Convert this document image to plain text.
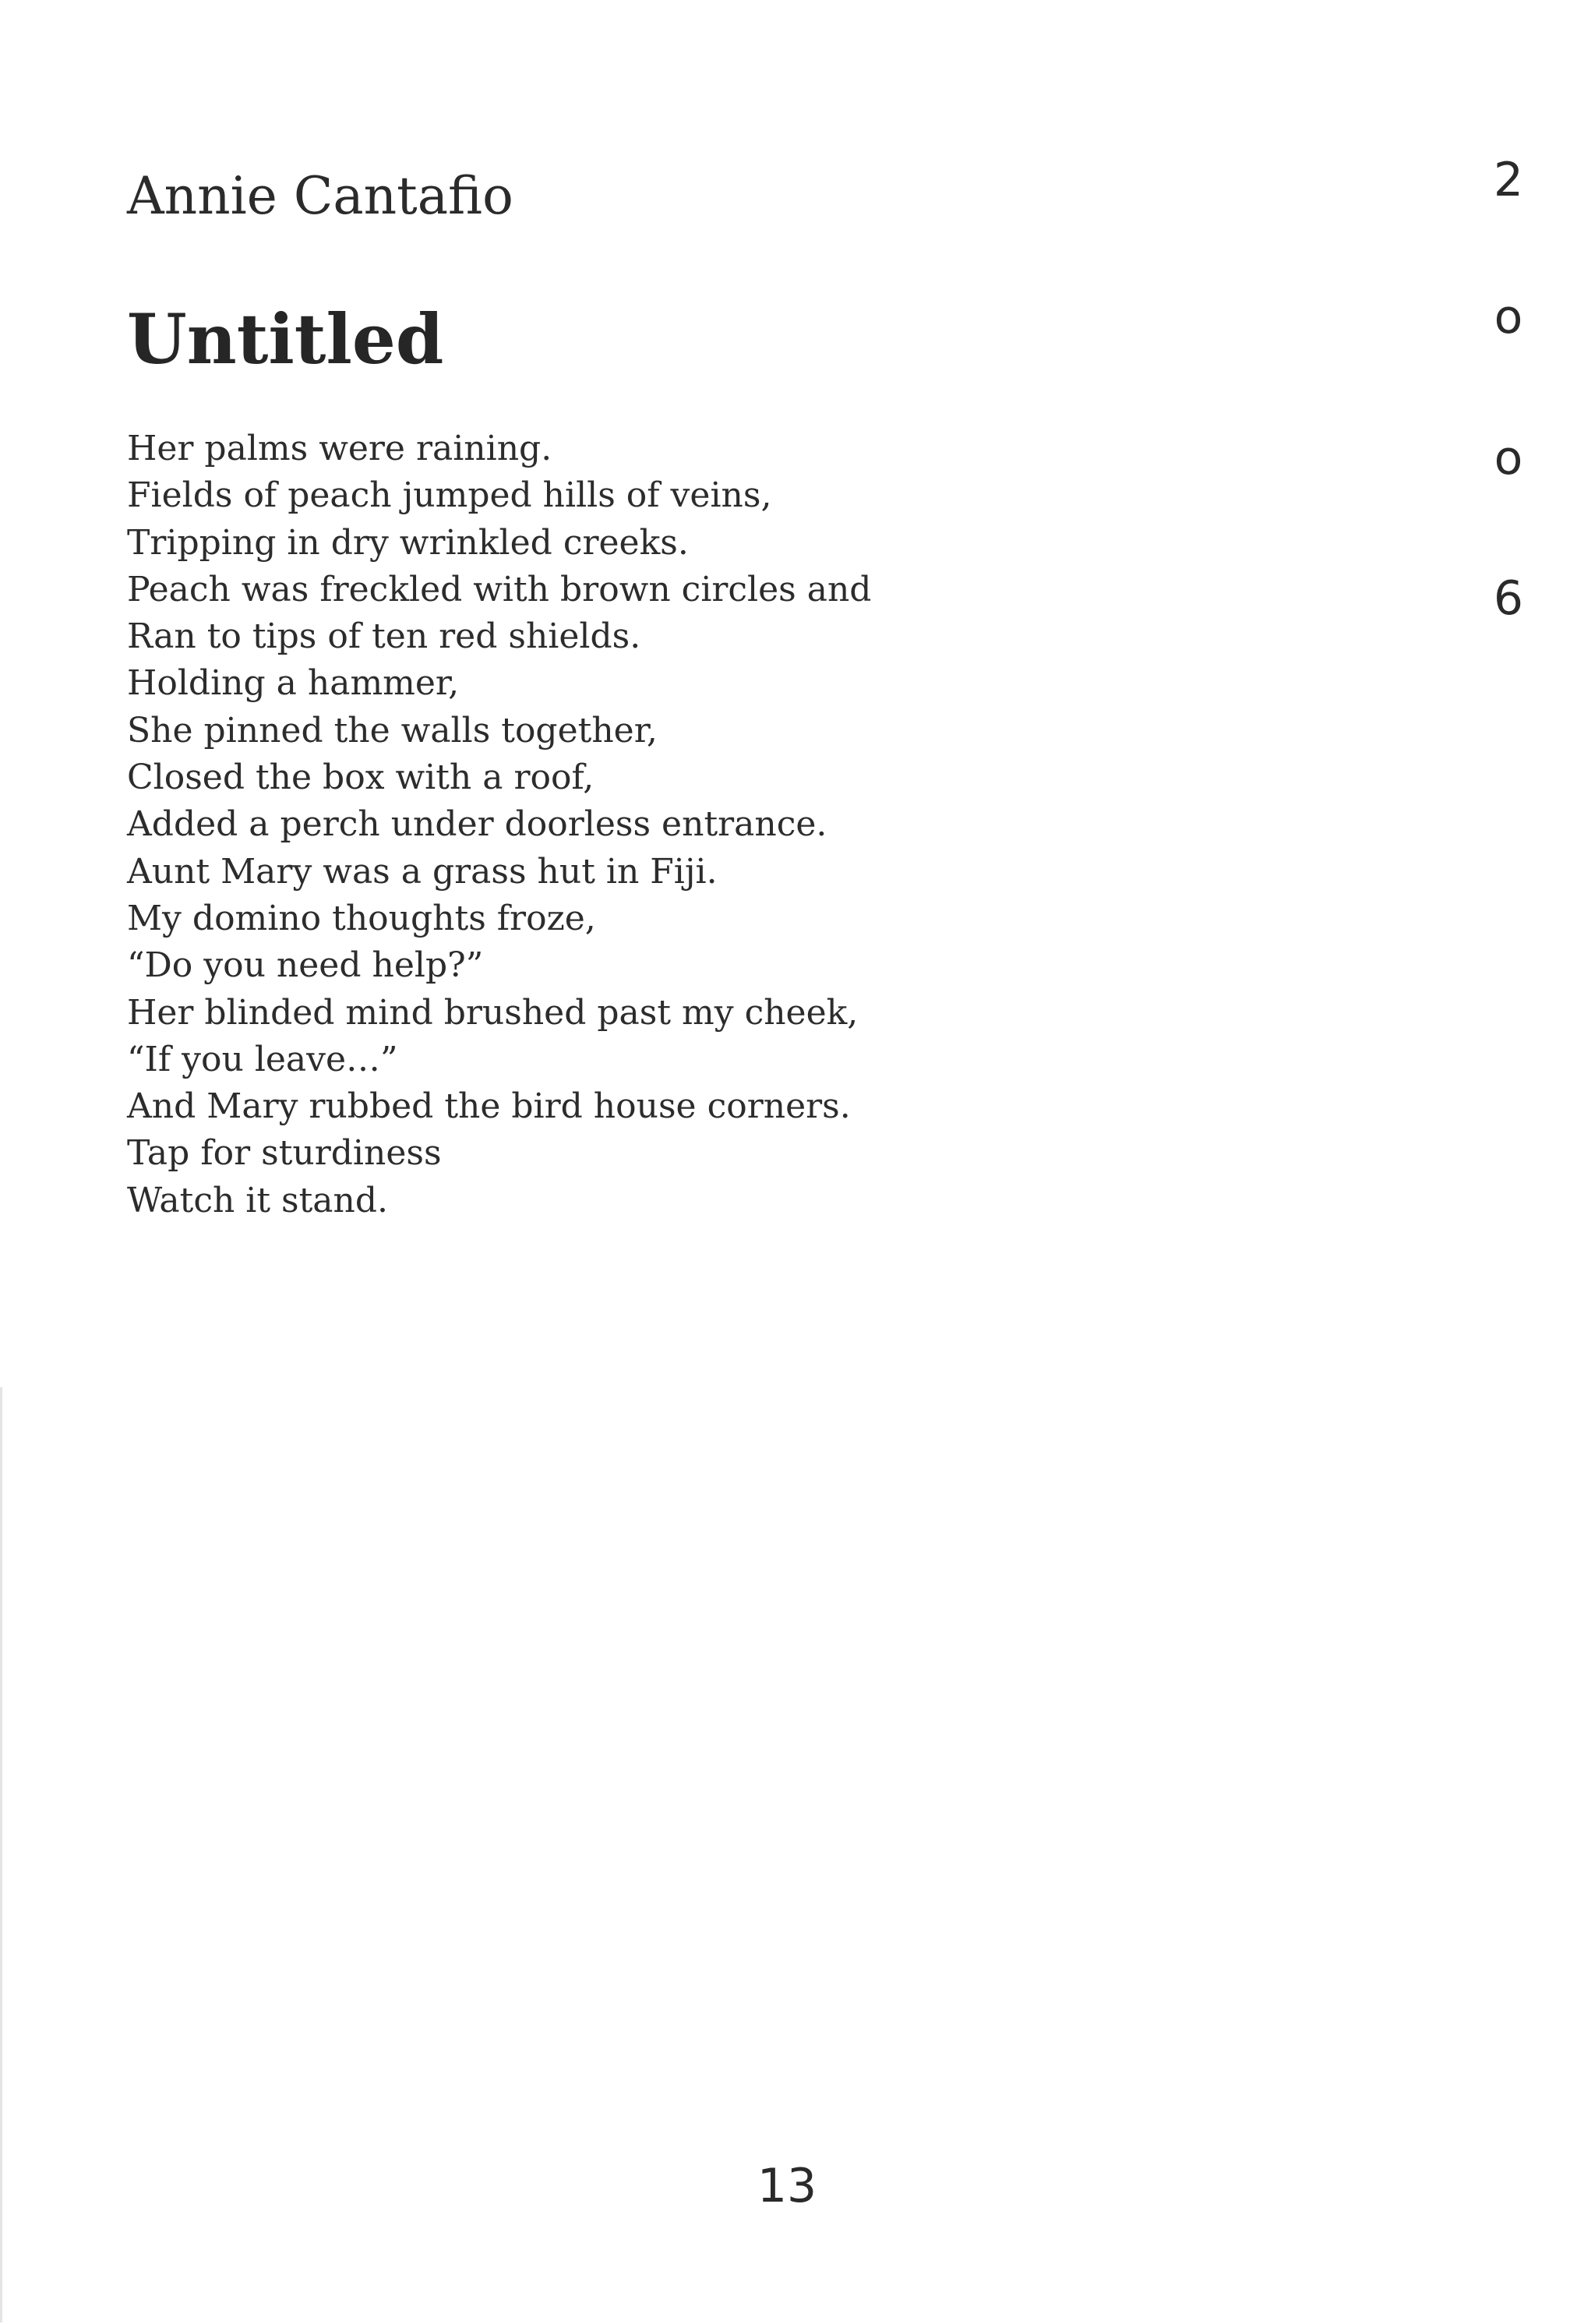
Annie Cantafio
Untitled
Her palms were raining.
Fields of peach jumped hills of veins,
Tripping in dry wrinkled creeks.
Peach was freckled with brown circles and
Ran to tips of ten red shields.
Holding a hammer,
She pinned the walls together,
Closed the box with a roof,
Added a perch under doorless entrance.
Aunt Mary was a grass hut in Fiji.
My domino thoughts froze,
“Do you need help?”
Her blinded mind brushed past my cheek,
“If you leave…”
And Mary rubbed the bird house corners.
Tap for sturdiness
Watch it stand.
2
o
o
6
13
